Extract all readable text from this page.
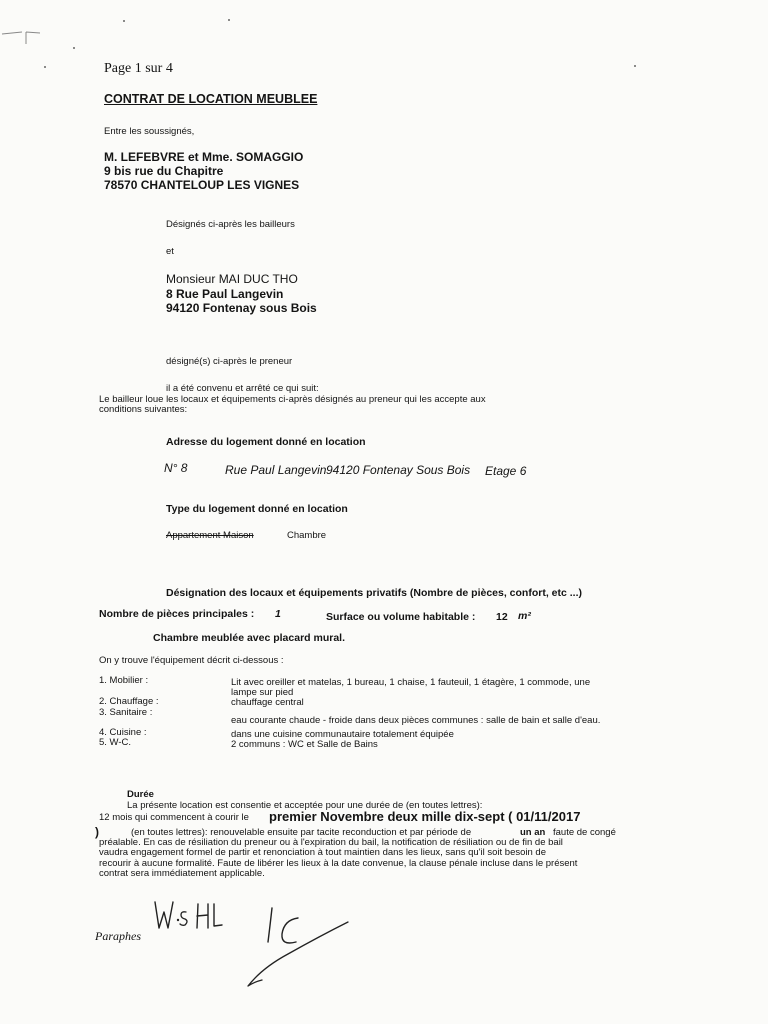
Page 1 sur 4
CONTRAT DE LOCATION MEUBLEE
Entre les soussignés,
M. LEFEBVRE et Mme. SOMAGGIO
9 bis rue du Chapitre
78570 CHANTELOUP LES VIGNES
Désignés ci-après les bailleurs
et
Monsieur MAI DUC THO
8 Rue Paul Langevin
94120 Fontenay sous Bois
désigné(s) ci-après le preneur
il a été convenu et arrêté ce qui suit:
Le bailleur loue les locaux et équipements ci-après désignés au preneur qui les accepte aux
conditions suivantes:
Adresse du logement donné en location
N° 8	Rue Paul Langevin 94120 Fontenay Sous Bois Etage 6
Type du logement donné en location
Appartement Maison	Chambre
Désignation des locaux et équipements privatifs (Nombre de pièces, confort, etc ...)
Nombre de pièces principales : 1	Surface ou volume habitable : 12 m²
Chambre meublée avec placard mural.
On y trouve l'équipement décrit ci-dessous :
1. Mobilier :	Lit avec oreiller et matelas, 1 bureau, 1 chaise, 1 fauteuil, 1 étagère, 1 commode, une
lampe sur pied
2. Chauffage :	chauffage central
3. Sanitaire :
eau courante chaude - froide dans deux pièces communes : salle de bain et salle d'eau.
4. Cuisine :	dans une cuisine communautaire totalement équipée
5. W-C.	2 communs : WC et Salle de Bains
Durée
La présente location est consentie et acceptée pour une durée de (en toutes lettres):
12 mois qui commencent à courir le premier Novembre deux mille dix-sept ( 01/11/2017
)	(en toutes lettres): renouvelable ensuite par tacite reconduction et par période de	un an faute de congé
préalable. En cas de résiliation du preneur ou à l'expiration du bail, la notification de résiliation ou de fin de bail
vaudra engagement formel de partir et renonciation à tout maintien dans les lieux, sans qu'il soit besoin de
recourir à aucune formalité. Faute de libérer les lieux à la date convenue, la clause pénale incluse dans le présent
contrat sera immédiatement applicable.
Paraphes
